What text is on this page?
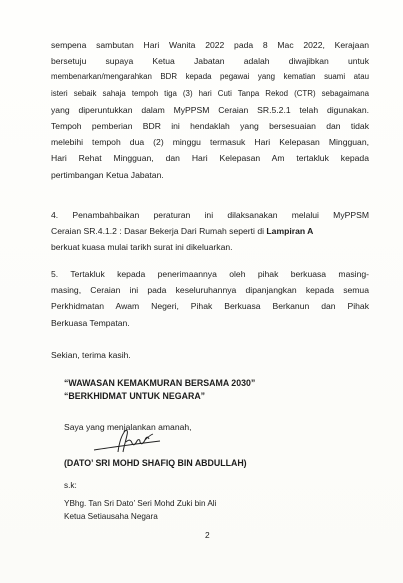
sempena sambutan Hari Wanita 2022 pada 8 Mac 2022, Kerajaan
bersetuju supaya Ketua Jabatan adalah diwajibkan untuk
membenarkan/mengarahkan BDR kepada pegawai yang kematian suami atau
isteri sebaik sahaja tempoh tiga (3) hari Cuti Tanpa Rekod (CTR) sebagaimana
yang diperuntukkan dalam MyPPSM Ceraian SR.5.2.1 telah digunakan.
Tempoh pemberian BDR ini hendaklah yang bersesuaian dan tidak
melebihi tempoh dua (2) minggu termasuk Hari Kelepasan Mingguan,
Hari Rehat Mingguan, dan Hari Kelepasan Am tertakluk kepada
pertimbangan Ketua Jabatan.
4. Penambahbaikan peraturan ini dilaksanakan melalui MyPPSM
Ceraian SR.4.1.2 : Dasar Bekerja Dari Rumah seperti di Lampiran A
berkuat kuasa mulai tarikh surat ini dikeluarkan.
5. Tertakluk kepada penerimaannya oleh pihak berkuasa masing-
masing, Ceraian ini pada keseluruhannya dipanjangkan kepada semua
Perkhidmatan Awam Negeri, Pihak Berkuasa Berkanun dan Pihak
Berkuasa Tempatan.
Sekian, terima kasih.
“WAWASAN KEMAKMURAN BERSAMA 2030”
“BERKHIDMAT UNTUK NEGARA”
Saya yang menjalankan amanah,
(DATO’ SRI MOHD SHAFIQ BIN ABDULLAH)
s.k:
YBhg. Tan Sri Dato’ Seri Mohd Zuki bin Ali
Ketua Setiausaha Negara
2
